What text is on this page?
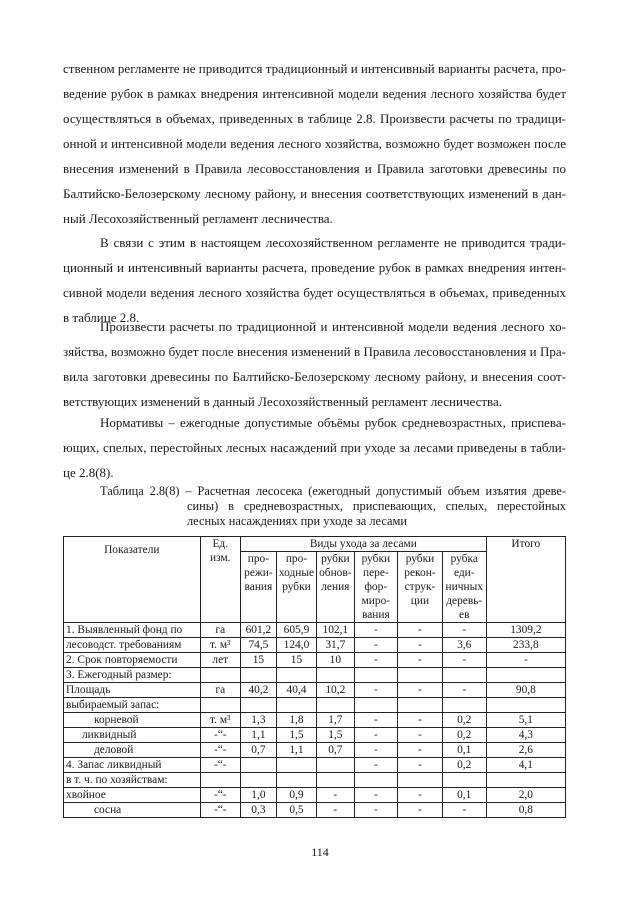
ственном регламенте не приводится традиционный и интенсивный варианты расчета, про-
ведение рубок в рамках внедрения интенсивной модели ведения лесного хозяйства будет
осуществляться в объемах, приведенных в таблице 2.8. Произвести расчеты по традици-
онной и интенсивной модели ведения лесного хозяйства, возможно будет возможен после
внесения изменений в Правила лесовосстановления и Правила заготовки древесины по
Балтийско-Белозерскому лесному району, и внесения соответствующих изменений в дан-
ный Лесохозяйственный регламент лесничества.
В связи с этим в настоящем лесохозяйственном регламенте не приводится тради-
ционный и интенсивный варианты расчета, проведение рубок в рамках внедрения интен-
сивной модели ведения лесного хозяйства будет осуществляться в объемах, приведенных
в таблице 2.8.
Произвести расчеты по традиционной и интенсивной модели ведения лесного хо-
зяйства, возможно будет после внесения изменений в Правила лесовосстановления и Пра-
вила заготовки древесины по Балтийско-Белозерскому лесному району, и внесения соот-
ветствующих изменений в данный Лесохозяйственный регламент лесничества.
Нормативы – ежегодные допустимые объёмы рубок средневозрастных, приспева-
ющих, спелых, перестойных лесных насаждений при уходе за лесами приведены в табли-
це 2.8(8).
Таблица 2.8(8) – Расчетная лесосека (ежегодный допустимый объем изъятия древе-
сины) в средневозрастных, приспевающих, спелых, перестойных
лесных насаждениях при уходе за лесами
Показатели	Ед. изм.	Виды ухода за лесами						Итого
		про-​режи-​вания	про-​ходные рубки	рубки обнов-​ления	рубки пере-​фор-​миро-​вания	рубки рекон-​струк-​ции	рубка еди-​ничных деревь-​ев	
1. Выявленный фонд по	га	601,2	605,9	102,1	-	-	-	1309,2
лесоводст. требованиям	т. м³	74,5	124,0	31,7	-	-	3,6	233,8
2. Срок повторяемости	лет	15	15	10	-	-	-	-
3. Ежегодный размер:								
Площадь	га	40,2	40,4	10,2	-	-	-	90,8
выбираемый запас:								
корневой	т. м³	1,3	1,8	1,7	-	-	0,2	5,1
ликвидный	-“-	1,1	1,5	1,5	-	-	0,2	4,3
деловой	-“-	0,7	1,1	0,7	-	-	0,1	2,6
4. Запас ликвидный	-“-				-	-	0,2	4,1
в т. ч. по хозяйствам:								
хвойное	-“-	1,0	0,9	-	-	-	0,1	2,0
сосна	-“-	0,3	0,5	-	-	-	-	0,8
114
